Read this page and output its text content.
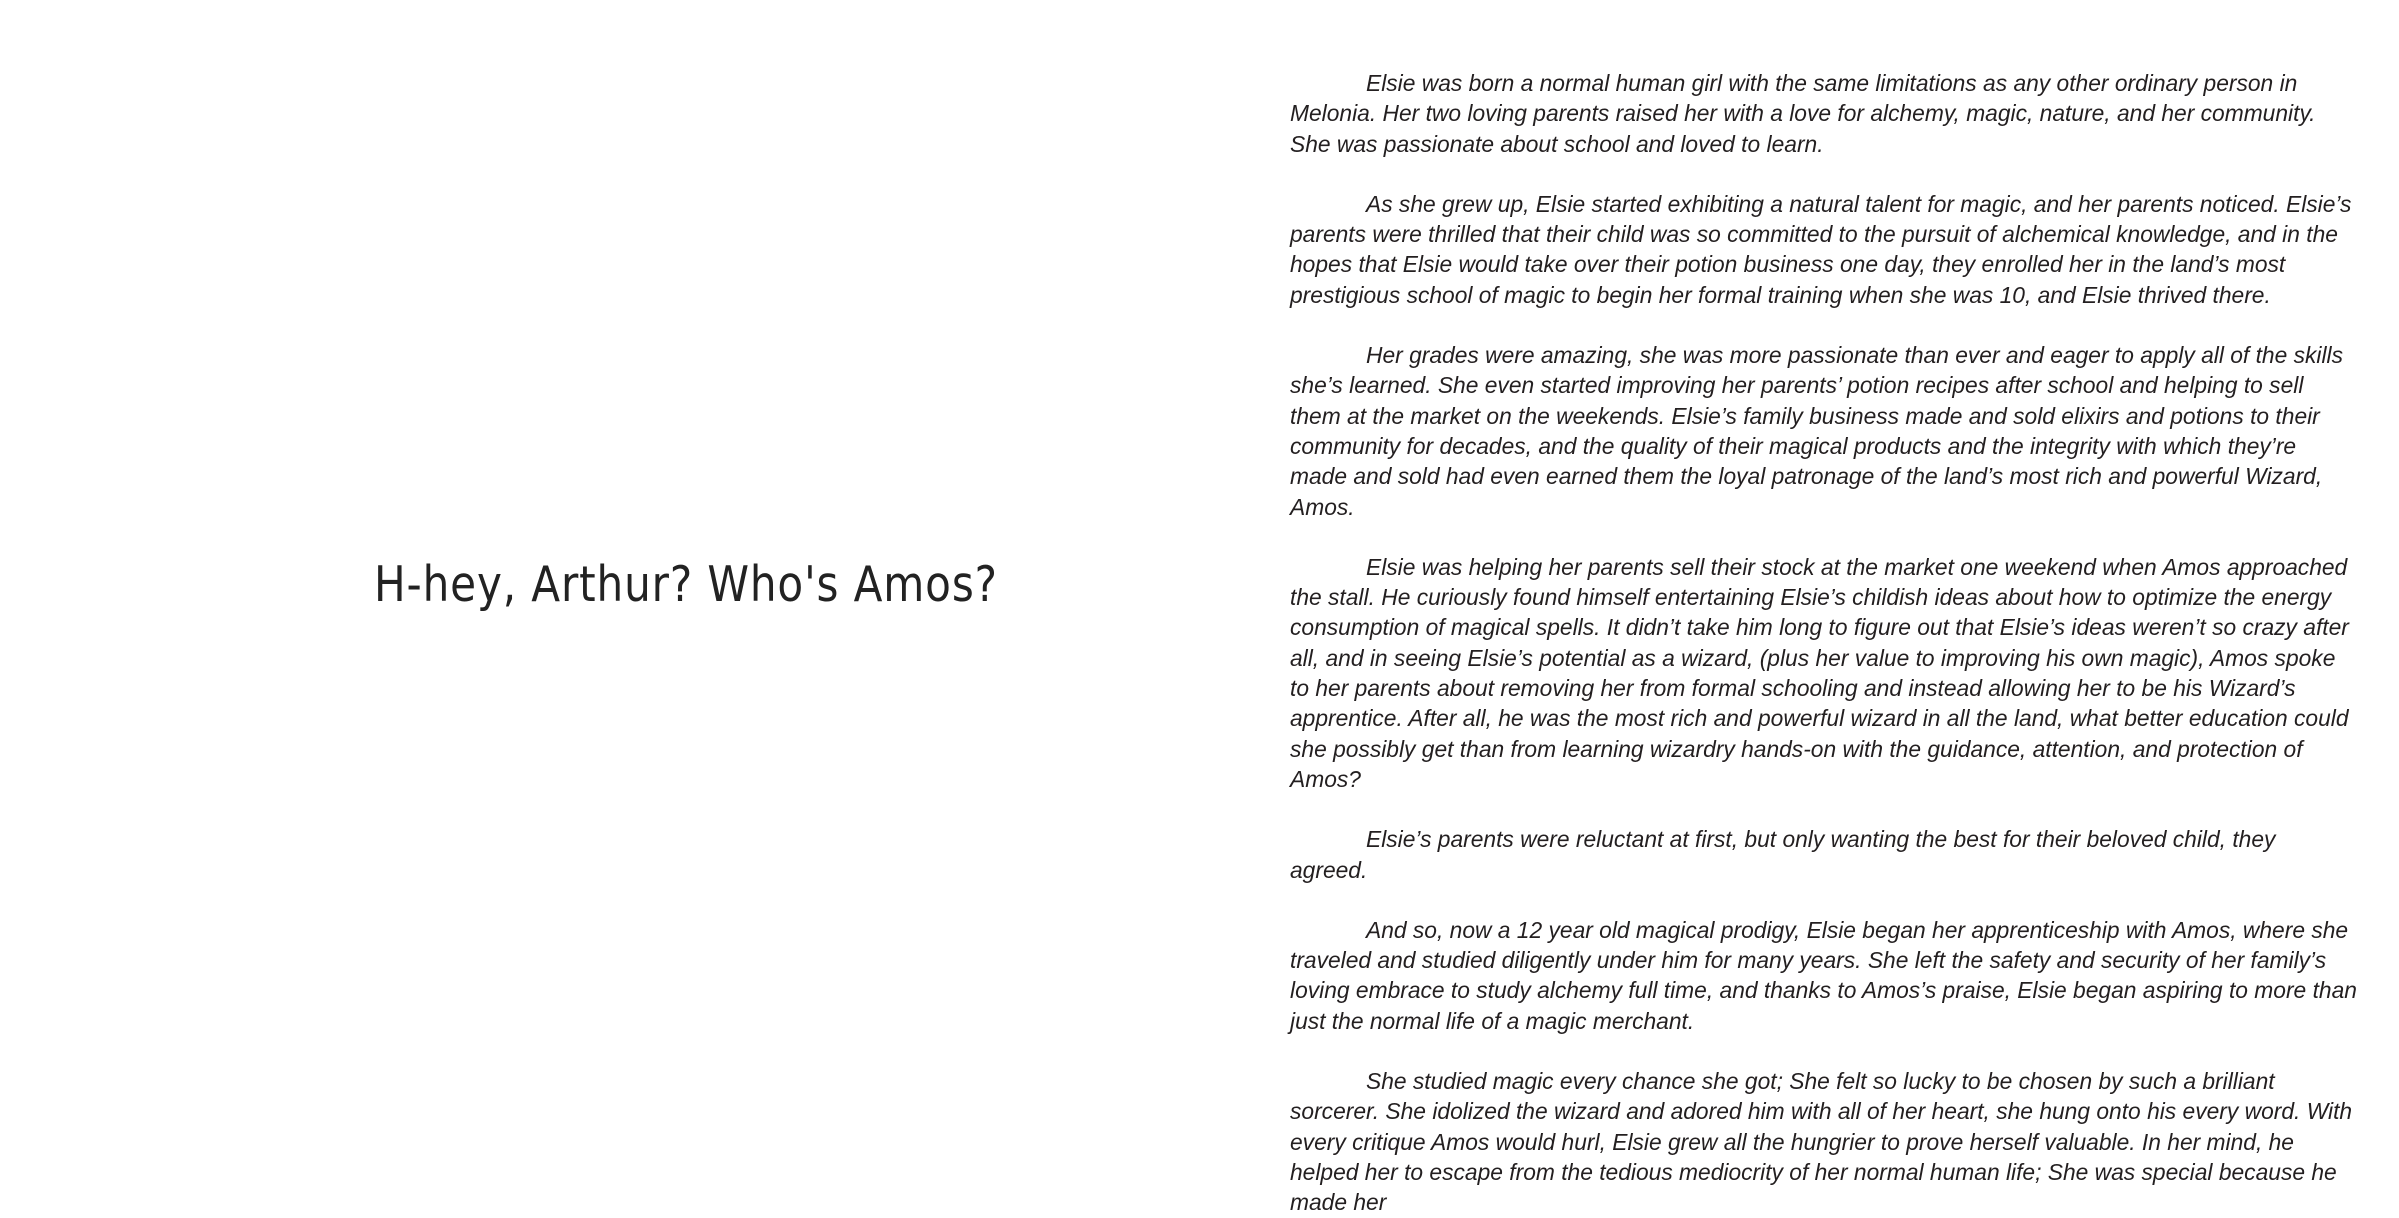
H-hey, Arthur? Who's Amos?

Elsie was born a normal human girl with the same limitations as any other ordinary person in Melonia. Her two loving parents raised her with a love for alchemy, magic, nature, and her community. She was passionate about school and loved to learn.

As she grew up, Elsie started exhibiting a natural talent for magic, and her parents noticed. Elsie’s parents were thrilled that their child was so committed to the pursuit of alchemical knowledge, and in the hopes that Elsie would take over their potion business one day, they enrolled her in the land’s most prestigious school of magic to begin her formal training when she was 10, and Elsie thrived there.

Her grades were amazing, she was more passionate than ever and eager to apply all of the skills she’s learned. She even started improving her parents’ potion recipes after school and helping to sell them at the market on the weekends. Elsie’s family business made and sold elixirs and potions to their community for decades, and the quality of their magical products and the integrity with which they’re made and sold had even earned them the loyal patronage of the land’s most rich and powerful Wizard, Amos.

Elsie was helping her parents sell their stock at the market one weekend when Amos approached the stall. He curiously found himself entertaining Elsie’s childish ideas about how to optimize the energy consumption of magical spells. It didn’t take him long to figure out that Elsie’s ideas weren’t so crazy after all, and in seeing Elsie’s potential as a wizard, (plus her value to improving his own magic), Amos spoke to her parents about removing her from formal schooling and instead allowing her to be his Wizard’s apprentice. After all, he was the most rich and powerful wizard in all the land, what better education could she possibly get than from learning wizardry hands-on with the guidance, attention, and protection of Amos?

Elsie’s parents were reluctant at first, but only wanting the best for their beloved child, they agreed.

And so, now a 12 year old magical prodigy, Elsie began her apprenticeship with Amos, where she traveled and studied diligently under him for many years. She left the safety and security of her family’s loving embrace to study alchemy full time, and thanks to Amos’s praise, Elsie began aspiring to more than just the normal life of a magic merchant.

She studied magic every chance she got; She felt so lucky to be chosen by such a brilliant sorcerer. She idolized the wizard and adored him with all of her heart, she hung onto his every word. With every critique Amos would hurl, Elsie grew all the hungrier to prove herself valuable. In her mind, he helped her to escape from the tedious mediocrity of her normal human life; She was special because he made her
